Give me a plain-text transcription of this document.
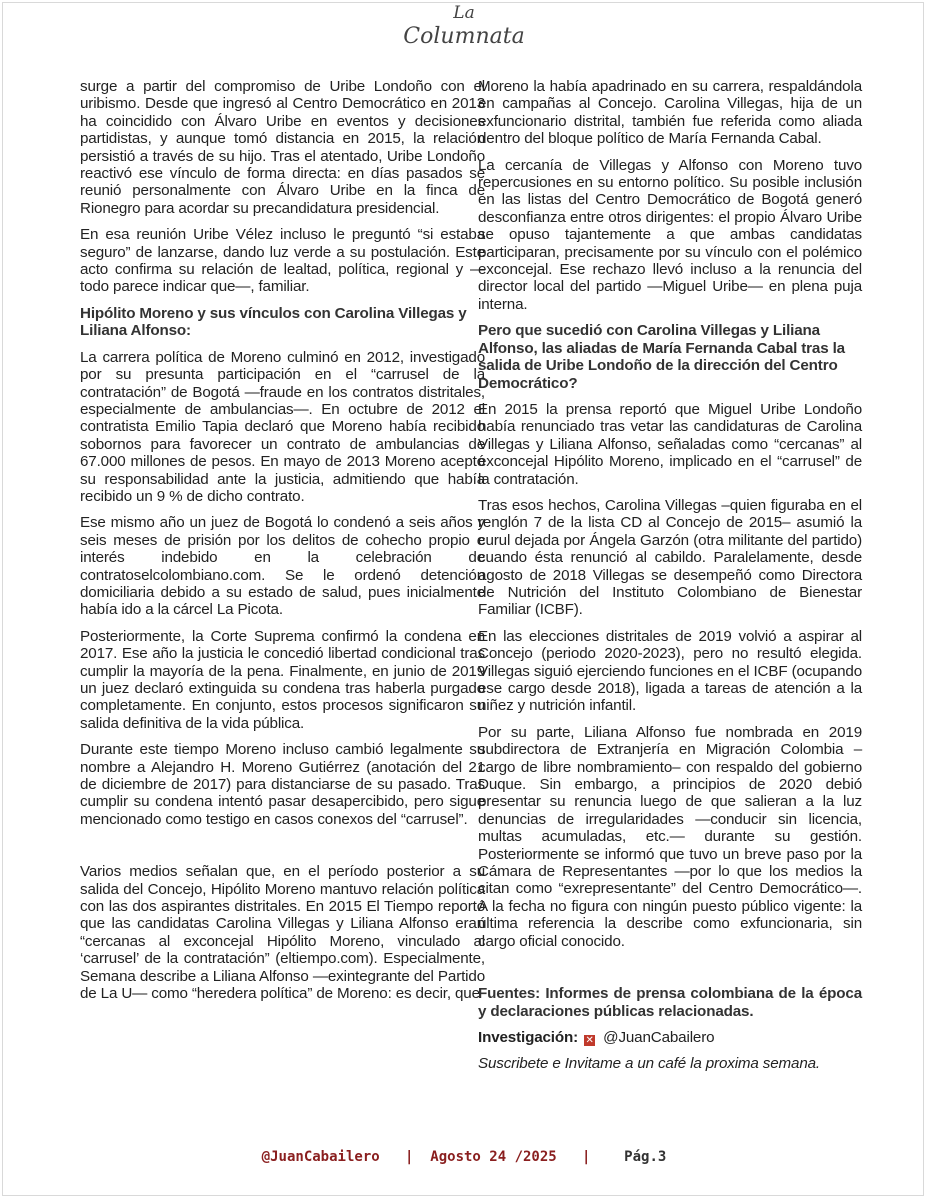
La
Columnata

surge a partir del compromiso de Uribe Londoño con el uribismo. Desde que ingresó al Centro Democrático en 2013 ha coincidido con Álvaro Uribe en eventos y decisiones partidistas, y aunque tomó distancia en 2015, la relación persistió a través de su hijo. Tras el atentado, Uribe Londoño reactivó ese vínculo de forma directa: en días pasados se reunió personalmente con Álvaro Uribe en la finca de Rionegro para acordar su precandidatura presidencial.

En esa reunión Uribe Vélez incluso le preguntó “si estaba seguro” de lanzarse, dando luz verde a su postulación. Este acto confirma su relación de lealtad, política, regional y —todo parece indicar que—, familiar.

Hipólito Moreno y sus vínculos con Carolina Villegas y Liliana Alfonso:

La carrera política de Moreno culminó en 2012, investigado por su presunta participación en el “carrusel de la contratación” de Bogotá —fraude en los contratos distritales, especialmente de ambulancias—. En octubre de 2012 el contratista Emilio Tapia declaró que Moreno había recibido sobornos para favorecer un contrato de ambulancias de 67.000 millones de pesos. En mayo de 2013 Moreno aceptó su responsabilidad ante la justicia, admitiendo que había recibido un 9 % de dicho contrato.

Ese mismo año un juez de Bogotá lo condenó a seis años y seis meses de prisión por los delitos de cohecho propio e interés indebido en la celebración de contratoselcolombiano.com. Se le ordenó detención domiciliaria debido a su estado de salud, pues inicialmente había ido a la cárcel La Picota.

Posteriormente, la Corte Suprema confirmó la condena en 2017. Ese año la justicia le concedió libertad condicional tras cumplir la mayoría de la pena. Finalmente, en junio de 2019 un juez declaró extinguida su condena tras haberla purgado completamente. En conjunto, estos procesos significaron su salida definitiva de la vida pública.

Durante este tiempo Moreno incluso cambió legalmente su nombre a Alejandro H. Moreno Gutiérrez (anotación del 21 de diciembre de 2017) para distanciarse de su pasado. Tras cumplir su condena intentó pasar desapercibido, pero sigue mencionado como testigo en casos conexos del “carrusel”.

Varios medios señalan que, en el período posterior a su salida del Concejo, Hipólito Moreno mantuvo relación política con las dos aspirantes distritales. En 2015 El Tiempo reportó que las candidatas Carolina Villegas y Liliana Alfonso eran “cercanas al exconcejal Hipólito Moreno, vinculado al ‘carrusel’ de la contratación” (eltiempo.com). Especialmente, Semana describe a Liliana Alfonso —exintegrante del Partido de La U— como “heredera política” de Moreno: es decir, que

Moreno la había apadrinado en su carrera, respaldándola en campañas al Concejo. Carolina Villegas, hija de un exfuncionario distrital, también fue referida como aliada dentro del bloque político de María Fernanda Cabal.

La cercanía de Villegas y Alfonso con Moreno tuvo repercusiones en su entorno político. Su posible inclusión en las listas del Centro Democrático de Bogotá generó desconfianza entre otros dirigentes: el propio Álvaro Uribe se opuso tajantemente a que ambas candidatas participaran, precisamente por su vínculo con el polémico exconcejal. Ese rechazo llevó incluso a la renuncia del director local del partido —Miguel Uribe— en plena puja interna.

Pero que sucedió con Carolina Villegas y Liliana Alfonso, las aliadas de María Fernanda Cabal tras la salida de Uribe Londoño de la dirección del Centro Democrático?

En 2015 la prensa reportó que Miguel Uribe Londoño había renunciado tras vetar las candidaturas de Carolina Villegas y Liliana Alfonso, señaladas como “cercanas” al exconcejal Hipólito Moreno, implicado en el “carrusel” de la contratación.

Tras esos hechos, Carolina Villegas –quien figuraba en el renglón 7 de la lista CD al Concejo de 2015– asumió la curul dejada por Ángela Garzón (otra militante del partido) cuando ésta renunció al cabildo. Paralelamente, desde agosto de 2018 Villegas se desempeñó como Directora de Nutrición del Instituto Colombiano de Bienestar Familiar (ICBF).

En las elecciones distritales de 2019 volvió a aspirar al Concejo (periodo 2020-2023), pero no resultó elegida. Villegas siguió ejerciendo funciones en el ICBF (ocupando ese cargo desde 2018), ligada a tareas de atención a la niñez y nutrición infantil.

Por su parte, Liliana Alfonso fue nombrada en 2019 subdirectora de Extranjería en Migración Colombia –cargo de libre nombramiento– con respaldo del gobierno Duque. Sin embargo, a principios de 2020 debió presentar su renuncia luego de que salieran a la luz denuncias de irregularidades —conducir sin licencia, multas acumuladas, etc.— durante su gestión. Posteriormente se informó que tuvo un breve paso por la Cámara de Representantes —por lo que los medios la citan como “exrepresentante” del Centro Democrático—. A la fecha no figura con ningún puesto público vigente: la última referencia la describe como exfuncionaria, sin cargo oficial conocido.

Fuentes: Informes de prensa colombiana de la época y declaraciones públicas relacionadas.

Investigación: ✕ @JuanCabailero

Suscribete e Invitame a un café la proxima semana.

@JuanCabailero | Agosto 24 /2025 | Pág.3
